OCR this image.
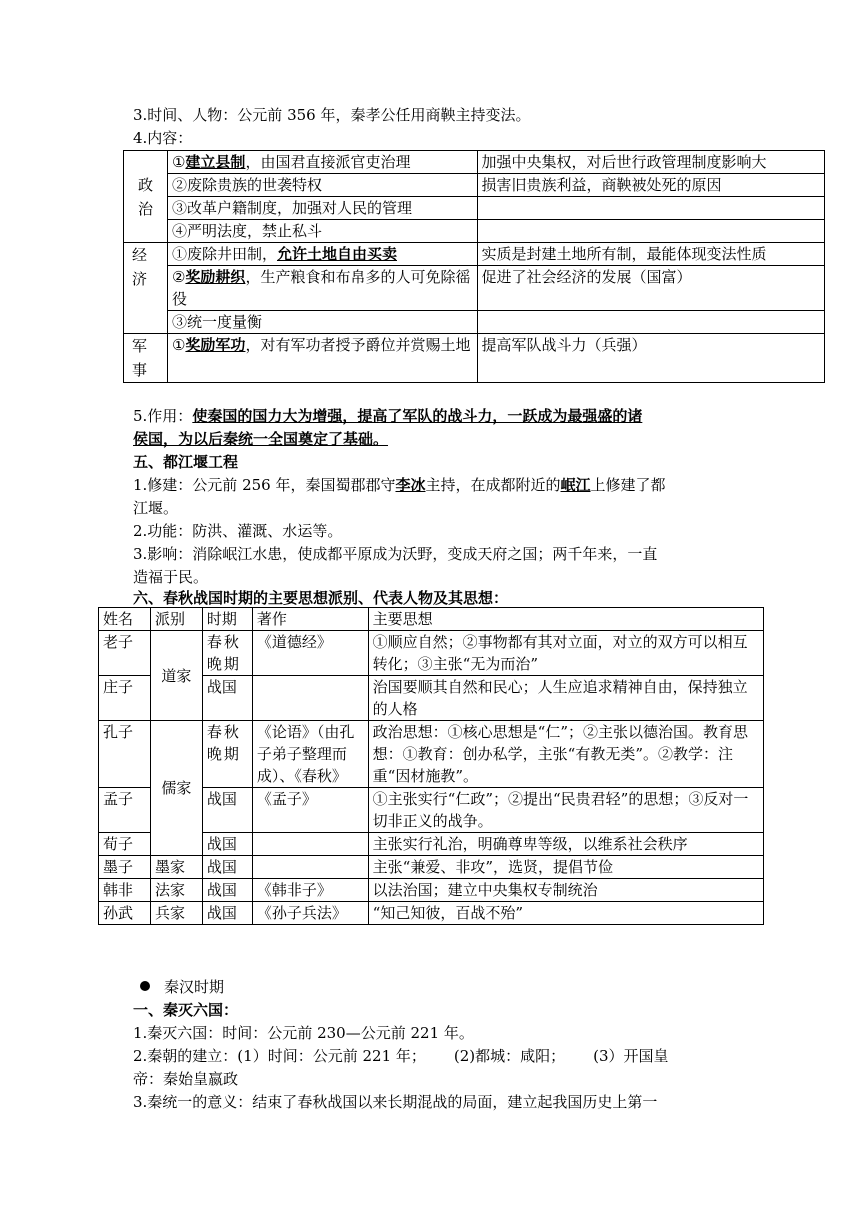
3.时间、人物：公元前 356 年，秦孝公任用商鞅主持变法。
4.内容：
政治	①建立县制，由国君直接派官吏治理	加强中央集权，对后世行政管理制度影响大
	②废除贵族的世袭特权	损害旧贵族利益，商鞅被处死的原因
	③改革户籍制度，加强对人民的管理	
	④严明法度，禁止私斗	
经济	①废除井田制，允许土地自由买卖	实质是封建土地所有制，最能体现变法性质
	②奖励耕织，生产粮食和布帛多的人可免除徭役	促进了社会经济的发展（国富）
	③统一度量衡	
军事	①奖励军功，对有军功者授予爵位并赏赐土地	提高军队战斗力（兵强）
5.作用：使秦国的国力大为增强，提高了军队的战斗力，一跃成为最强盛的诸
侯国，为以后秦统一全国奠定了基础。
五、都江堰工程
1.修建：公元前 256 年，秦国蜀郡郡守李冰主持，在成都附近的岷江上修建了都
江堰。
2.功能：防洪、灌溉、水运等。
3.影响：消除岷江水患，使成都平原成为沃野，变成天府之国；两千年来，一直
造福于民。
六、春秋战国时期的主要思想派别、代表人物及其思想：
姓名	派别	时期	著作	主要思想
老子	道家	春秋晚期	《道德经》	①顺应自然；②事物都有其对立面，对立的双方可以相互转化；③主张“无为而治”
庄子		战国		治国要顺其自然和民心；人生应追求精神自由，保持独立的人格
孔子	儒家	春秋晚期	《论语》（由孔子弟子整理而成）、《春秋》	政治思想：①核心思想是“仁”；②主张以德治国。教育思想：①教育：创办私学，主张“有教无类”。②教学：注重“因材施教”。
孟子		战国	《孟子》	①主张实行“仁政”；②提出“民贵君轻”的思想；③反对一切非正义的战争。
荀子		战国		主张实行礼治，明确尊卑等级，以维系社会秩序
墨子	墨家	战国		主张“兼爱、非攻”，选贤，提倡节俭
韩非	法家	战国	《韩非子》	以法治国；建立中央集权专制统治
孙武	兵家	战国	《孙子兵法》	“知己知彼，百战不殆”
秦汉时期
一、秦灭六国：
1.秦灭六国：时间：公元前 230—公元前 221 年。
2.秦朝的建立：(1）时间：公元前 221 年； (2)都城：咸阳； (3）开国皇
帝：秦始皇嬴政
3.秦统一的意义：结束了春秋战国以来长期混战的局面，建立起我国历史上第一
